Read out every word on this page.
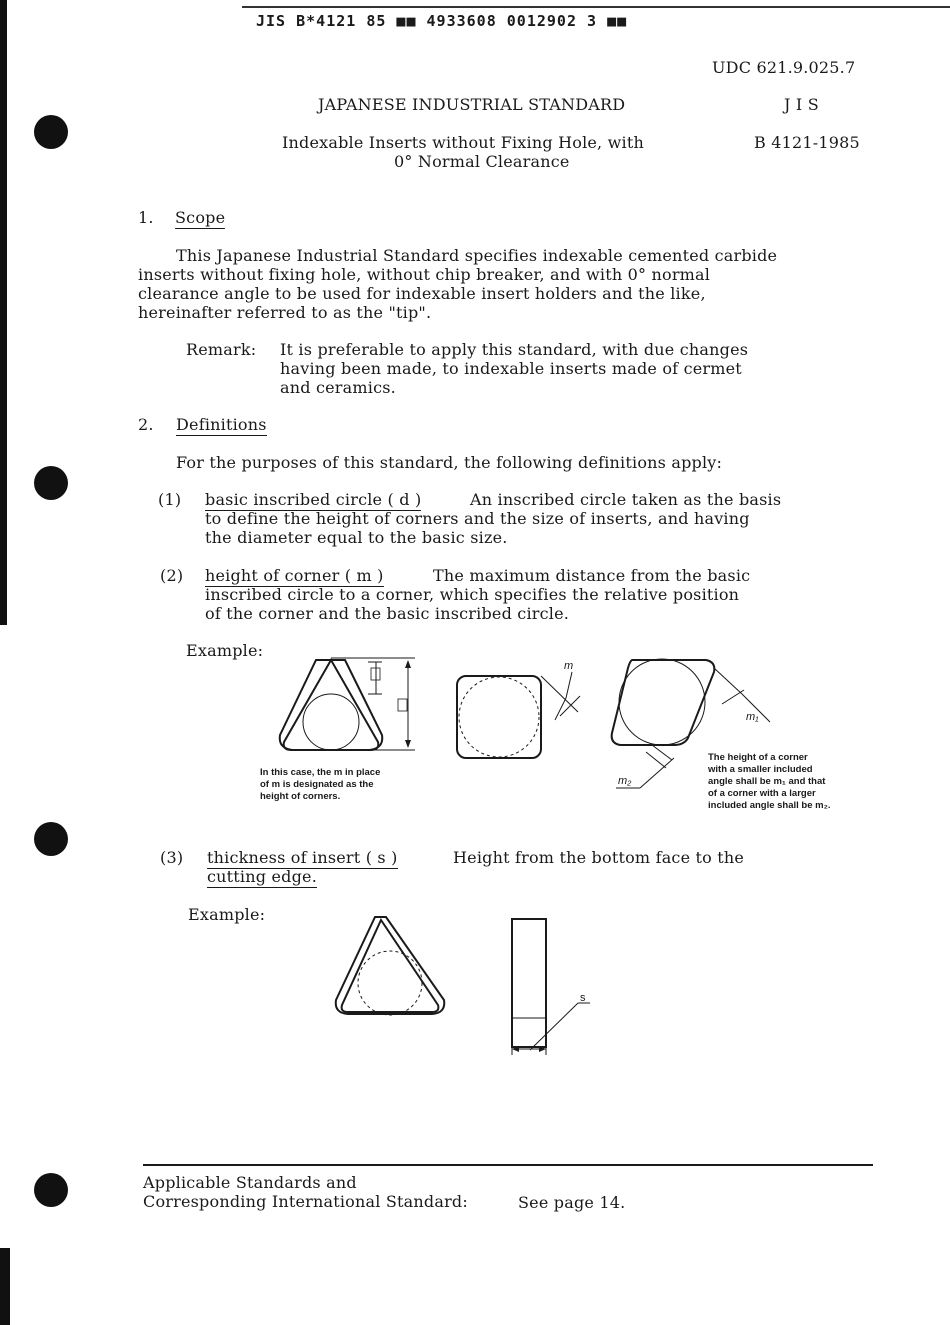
JIS B*4121 85 ■■ 4933608 0012902 3 ■■
UDC 621.9.025.7
JAPANESE INDUSTRIAL STANDARD	J I S
Indexable Inserts without Fixing Hole, with
0° Normal Clearance
B 4121-1985
1. Scope
This Japanese Industrial Standard specifies indexable cemented carbide
inserts without fixing hole, without chip breaker, and with 0° normal
clearance angle to be used for indexable insert holders and the like,
hereinafter referred to as the "tip".
Remark: It is preferable to apply this standard, with due changes
having been made, to indexable inserts made of cermet
and ceramics.
2. Definitions
For the purposes of this standard, the following definitions apply:
(1) basic inscribed circle ( d )	An inscribed circle taken as the basis
to define the height of corners and the size of inserts, and having
the diameter equal to the basic size.
(2) height of corner ( m )	The maximum distance from the basic
inscribed circle to a corner, which specifies the relative position
of the corner and the basic inscribed circle.
Example:
m
m₁
m₂
In this case, the m in place
of m is designated as the
height of corners.
The height of a corner
with a smaller included
angle shall be m₁ and that
of a corner with a larger
included angle shall be m₂.
(3) thickness of insert ( s )	Height from the bottom face to the
cutting edge.
Example:
s
Applicable Standards and
Corresponding International Standard:	See page 14.
